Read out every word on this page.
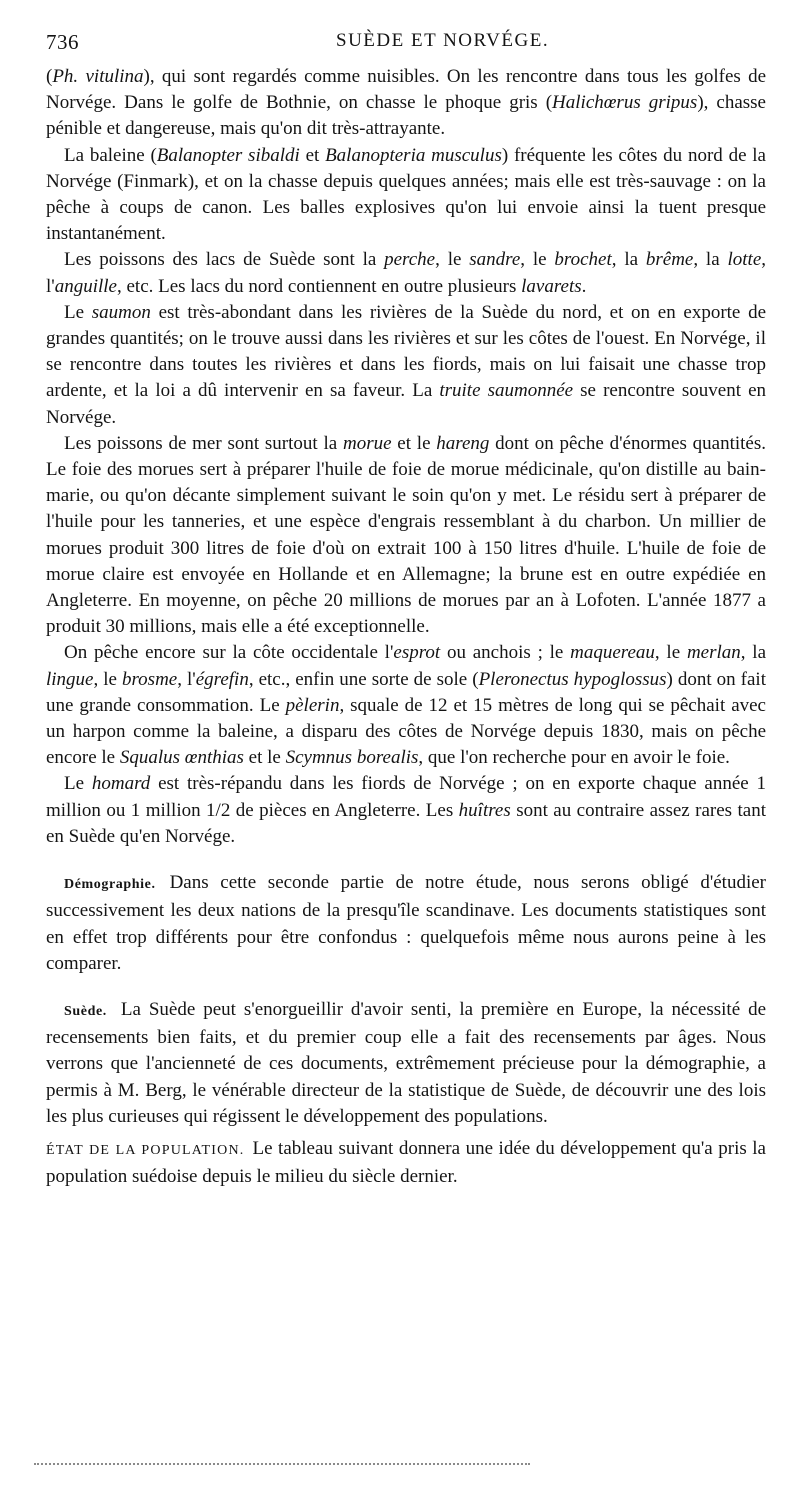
736	SUÈDE ET NORVÉGE.

(Ph. vitulina), qui sont regardés comme nuisibles. On les rencontre dans tous les golfes de Norvége. Dans le golfe de Bothnie, on chasse le phoque gris (Halichœrus gripus), chasse pénible et dangereuse, mais qu'on dit très-attrayante.

La baleine (Balanopter sibaldi et Balanopteria musculus) fréquente les côtes du nord de la Norvége (Finmark), et on la chasse depuis quelques années; mais elle est très-sauvage : on la pêche à coups de canon. Les balles explosives qu'on lui envoie ainsi la tuent presque instantanément.

Les poissons des lacs de Suède sont la perche, le sandre, le brochet, la brême, la lotte, l'anguille, etc. Les lacs du nord contiennent en outre plusieurs lavarets.

Le saumon est très-abondant dans les rivières de la Suède du nord, et on en exporte de grandes quantités; on le trouve aussi dans les rivières et sur les côtes de l'ouest. En Norvége, il se rencontre dans toutes les rivières et dans les fiords, mais on lui faisait une chasse trop ardente, et la loi a dû intervenir en sa faveur. La truite saumonnée se rencontre souvent en Norvége.

Les poissons de mer sont surtout la morue et le hareng dont on pêche d'énormes quantités. Le foie des morues sert à préparer l'huile de foie de morue médicinale, qu'on distille au bain-marie, ou qu'on décante simplement suivant le soin qu'on y met. Le résidu sert à préparer de l'huile pour les tanneries, et une espèce d'engrais ressemblant à du charbon. Un millier de morues produit 300 litres de foie d'où on extrait 100 à 150 litres d'huile. L'huile de foie de morue claire est envoyée en Hollande et en Allemagne; la brune est en outre expédiée en Angleterre. En moyenne, on pêche 20 millions de morues par an à Lofoten. L'année 1877 a produit 30 millions, mais elle a été exceptionnelle.

On pêche encore sur la côte occidentale l'esprot ou anchois ; le maquereau, le merlan, la lingue, le brosme, l'égrefin, etc., enfin une sorte de sole (Pleronectus hypoglossus) dont on fait une grande consommation. Le pèlerin, squale de 12 et 15 mètres de long qui se pêchait avec un harpon comme la baleine, a disparu des côtes de Norvége depuis 1830, mais on pêche encore le Squalus œnthias et le Scymnus borealis, que l'on recherche pour en avoir le foie.

Le homard est très-répandu dans les fiords de Norvége ; on en exporte chaque année 1 million ou 1 million 1/2 de pièces en Angleterre. Les huîtres sont au contraire assez rares tant en Suède qu'en Norvége.

Démographie. Dans cette seconde partie de notre étude, nous serons obligé d'étudier successivement les deux nations de la presqu'île scandinave. Les documents statistiques sont en effet trop différents pour être confondus : quelquefois même nous aurons peine à les comparer.

Suède. La Suède peut s'enorgueillir d'avoir senti, la première en Europe, la nécessité de recensements bien faits, et du premier coup elle a fait des recensements par âges. Nous verrons que l'ancienneté de ces documents, extrêmement précieuse pour la démographie, a permis à M. Berg, le vénérable directeur de la statistique de Suède, de découvrir une des lois les plus curieuses qui régissent le développement des populations.

ÉTAT DE LA POPULATION. Le tableau suivant donnera une idée du développement qu'a pris la population suédoise depuis le milieu du siècle dernier.
